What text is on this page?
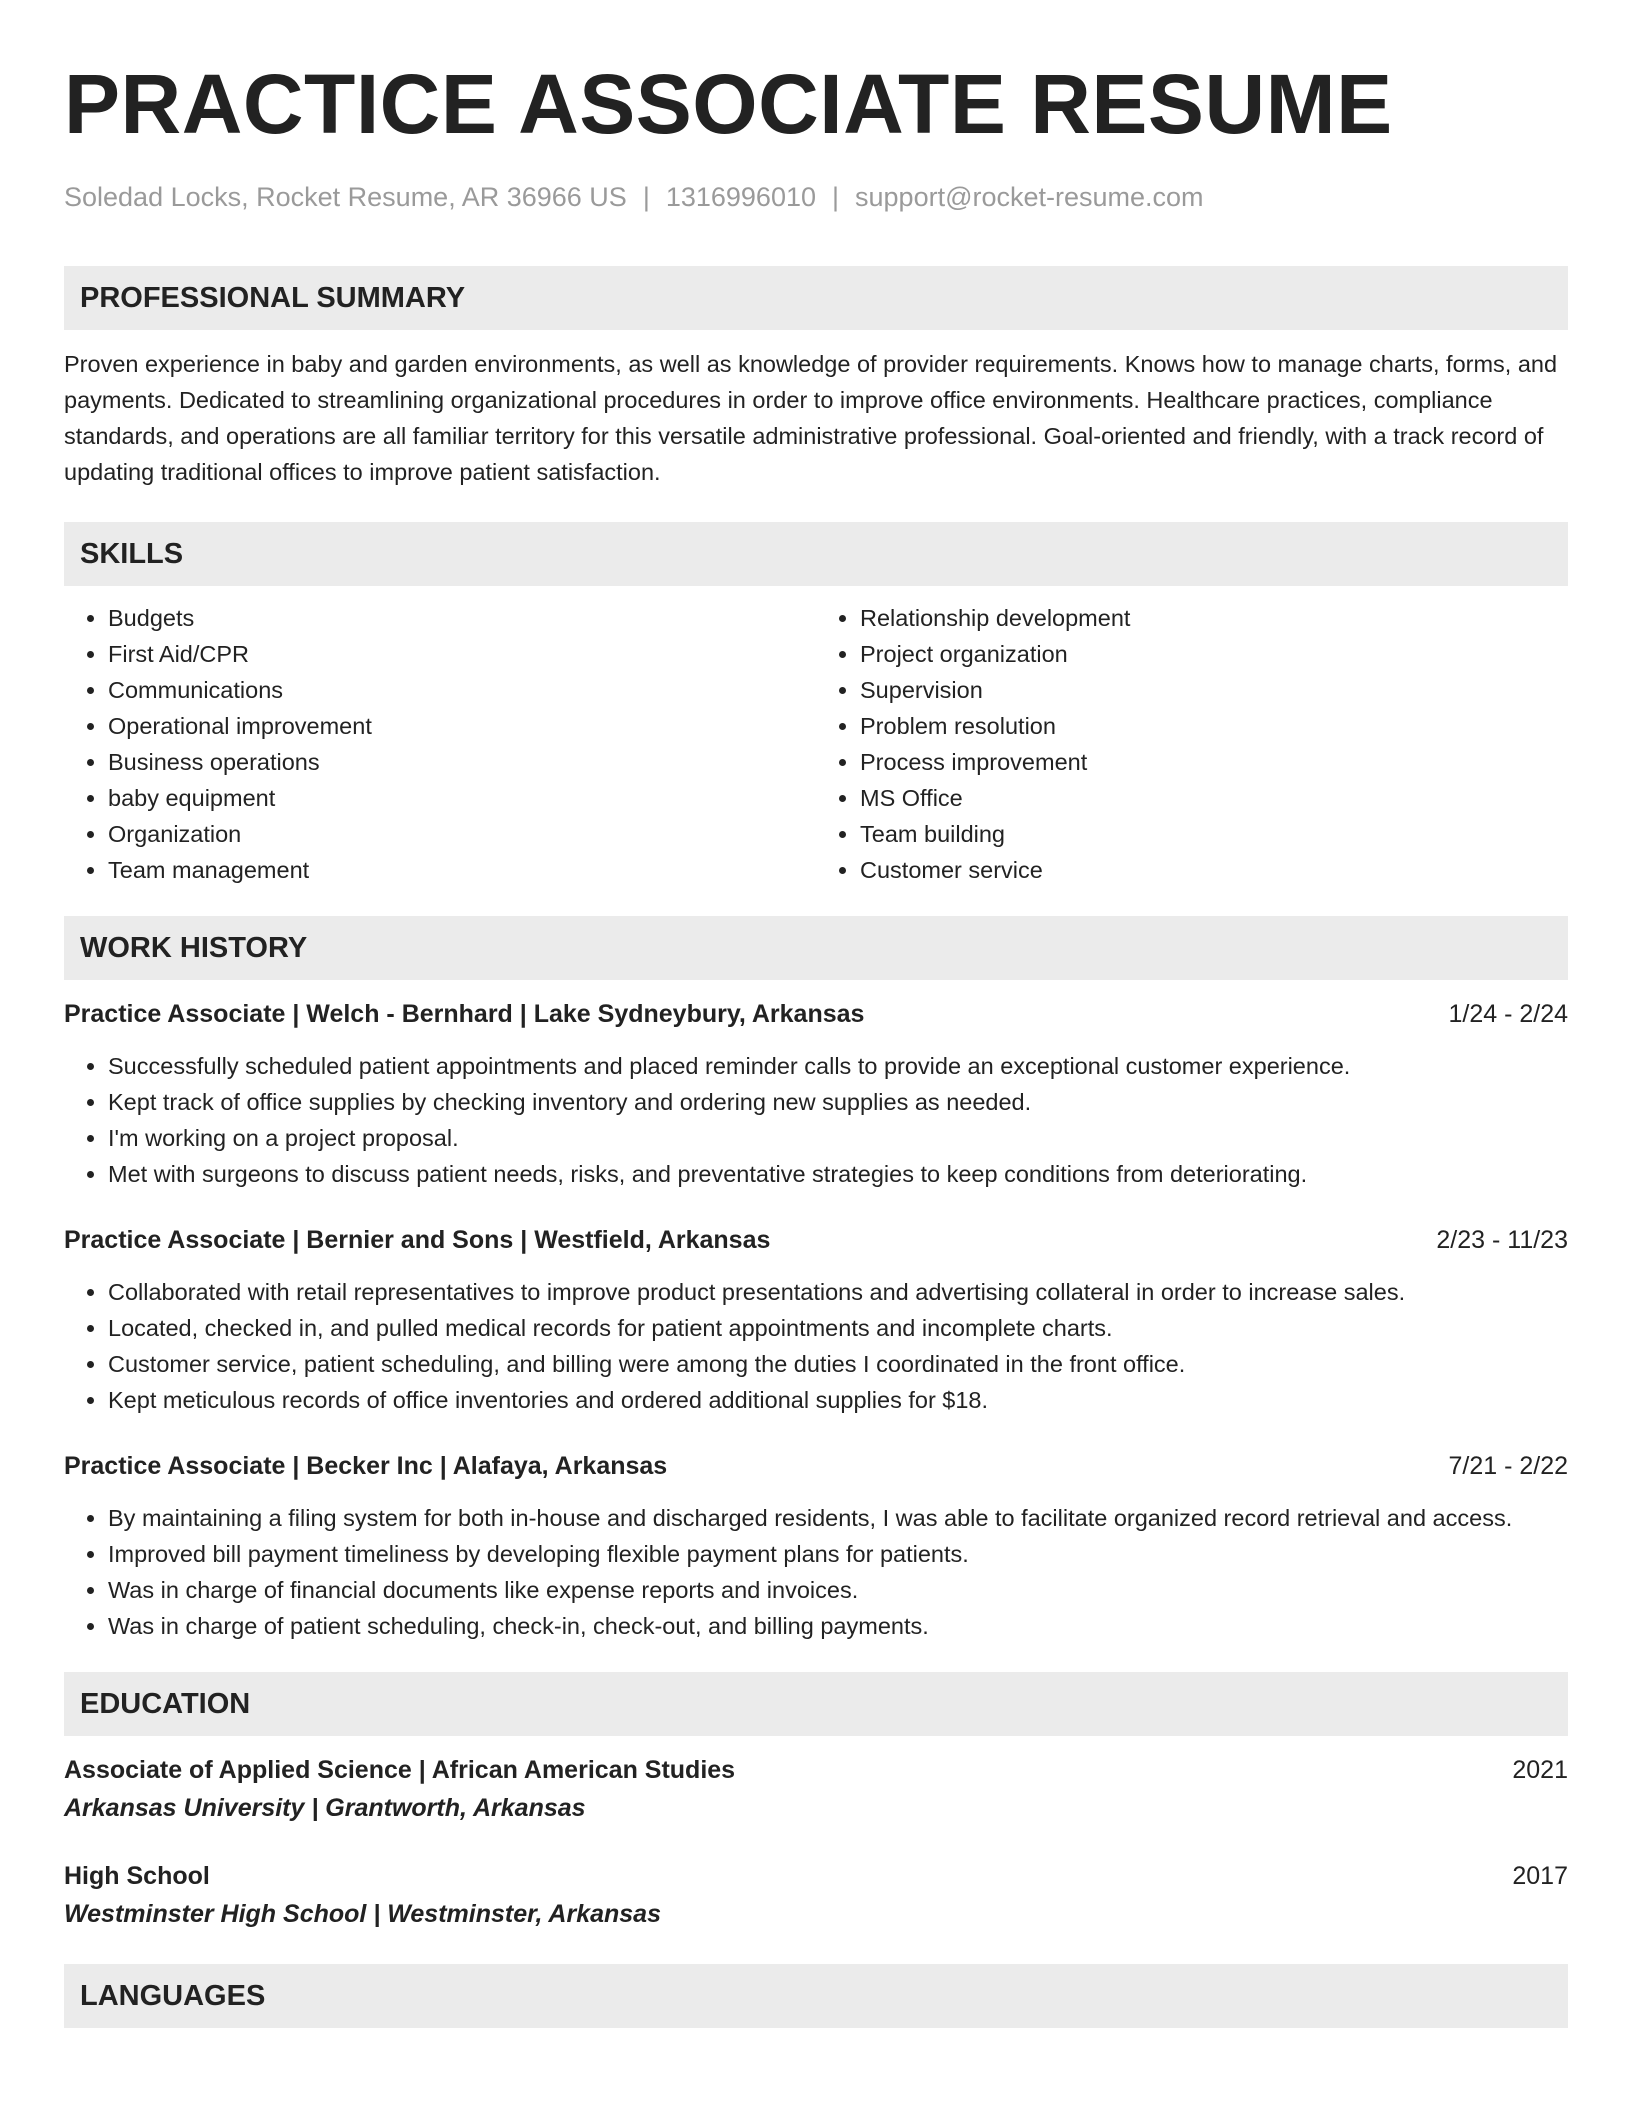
PRACTICE ASSOCIATE RESUME
Soledad Locks, Rocket Resume, AR 36966 US | 1316996010 | support@rocket-resume.com
PROFESSIONAL SUMMARY

Proven experience in baby and garden environments, as well as knowledge of provider requirements. Knows how to manage charts, forms, and payments. Dedicated to streamlining organizational procedures in order to improve office environments. Healthcare practices, compliance standards, and operations are all familiar territory for this versatile administrative professional. Goal-oriented and friendly, with a track record of updating traditional offices to improve patient satisfaction.

SKILLS
• Budgets
• First Aid/CPR
• Communications
• Operational improvement
• Business operations
• baby equipment
• Organization
• Team management
• Relationship development
• Project organization
• Supervision
• Problem resolution
• Process improvement
• MS Office
• Team building
• Customer service
WORK HISTORY
Practice Associate | Welch - Bernhard | Lake Sydneybury, Arkansas	1/24 - 2/24
• Successfully scheduled patient appointments and placed reminder calls to provide an exceptional customer experience.
• Kept track of office supplies by checking inventory and ordering new supplies as needed.
• I'm working on a project proposal.
• Met with surgeons to discuss patient needs, risks, and preventative strategies to keep conditions from deteriorating.
Practice Associate | Bernier and Sons | Westfield, Arkansas	2/23 - 11/23
• Collaborated with retail representatives to improve product presentations and advertising collateral in order to increase sales.
• Located, checked in, and pulled medical records for patient appointments and incomplete charts.
• Customer service, patient scheduling, and billing were among the duties I coordinated in the front office.
• Kept meticulous records of office inventories and ordered additional supplies for $18.
Practice Associate | Becker Inc | Alafaya, Arkansas	7/21 - 2/22
• By maintaining a filing system for both in-house and discharged residents, I was able to facilitate organized record retrieval and access.
• Improved bill payment timeliness by developing flexible payment plans for patients.
• Was in charge of financial documents like expense reports and invoices.
• Was in charge of patient scheduling, check-in, check-out, and billing payments.
EDUCATION
Associate of Applied Science | African American Studies	2021
Arkansas University | Grantworth, Arkansas
High School	2017
Westminster High School | Westminster, Arkansas
LANGUAGES
